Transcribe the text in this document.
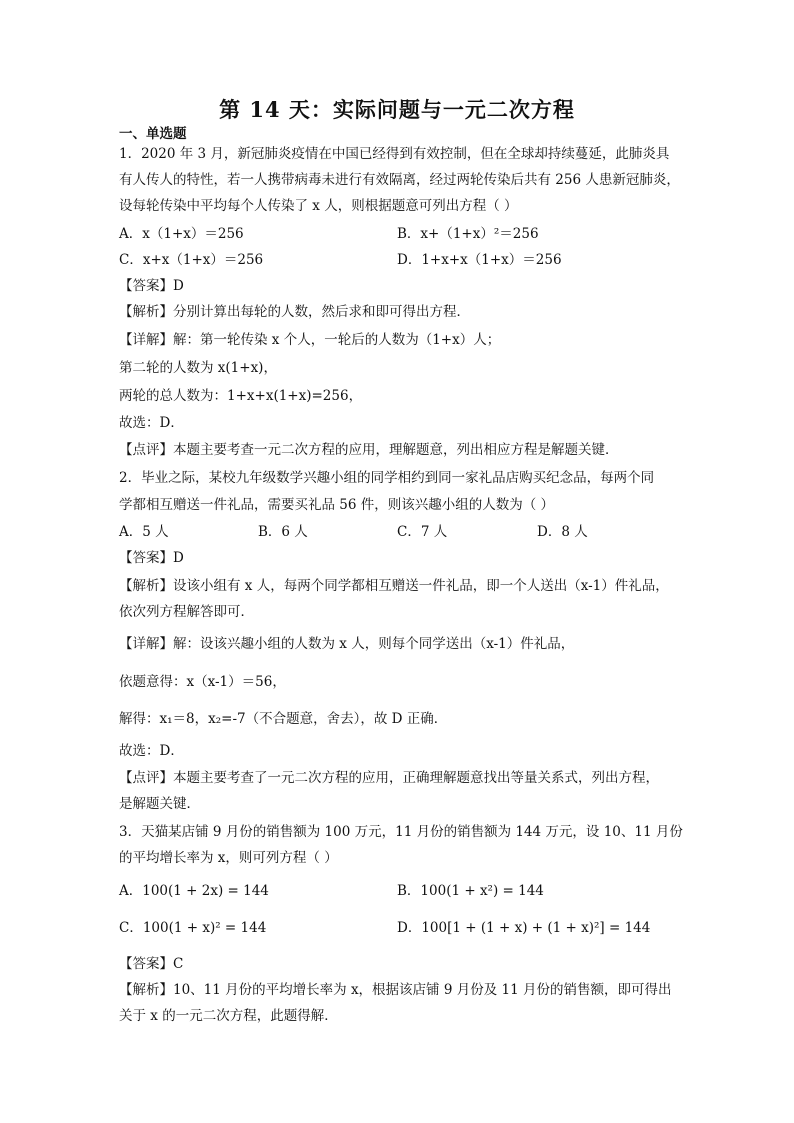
第 14 天：实际问题与一元二次方程
一、单选题
1．2020 年 3 月，新冠肺炎疫情在中国已经得到有效控制，但在全球却持续蔓延，此肺炎具
有人传人的特性，若一人携带病毒未进行有效隔离，经过两轮传染后共有 256 人患新冠肺炎，
设每轮传染中平均每个人传染了 x 人，则根据题意可列出方程（ ）
A．x（1+x）＝256	B．x+（1+x）²＝256
C．x+x（1+x）＝256	D．1+x+x（1+x）＝256
【答案】D
【解析】分别计算出每轮的人数，然后求和即可得出方程．
【详解】解：第一轮传染 x 个人，一轮后的人数为（1+x）人；
第二轮的人数为 x(1+x)，
两轮的总人数为：1+x+x(1+x)=256，
故选：D．
【点评】本题主要考查一元二次方程的应用，理解题意，列出相应方程是解题关键．
2．毕业之际，某校九年级数学兴趣小组的同学相约到同一家礼品店购买纪念品，每两个同
学都相互赠送一件礼品，需要买礼品 56 件，则该兴趣小组的人数为（ ）
A．5 人	B．6 人	C．7 人	D．8 人
【答案】D
【解析】设该小组有 x 人，每两个同学都相互赠送一件礼品，即一个人送出（x-1）件礼品，
依次列方程解答即可．
【详解】解：设该兴趣小组的人数为 x 人，则每个同学送出（x-1）件礼品，
依题意得：x（x-1）＝56，
解得：x₁＝8，x₂=-7（不合题意，舍去），故 D 正确．
故选：D．
【点评】本题主要考查了一元二次方程的应用，正确理解题意找出等量关系式，列出方程，
是解题关键．
3．天猫某店铺 9 月份的销售额为 100 万元，11 月份的销售额为 144 万元，设 10、11 月份
的平均增长率为 x，则可列方程（ ）
A．100(1 + 2x) = 144	B．100(1 + x²) = 144
C．100(1 + x)² = 144	D．100[1 + (1 + x) + (1 + x)²] = 144
【答案】C
【解析】10、11 月份的平均增长率为 x，根据该店铺 9 月份及 11 月份的销售额，即可得出
关于 x 的一元二次方程，此题得解．
